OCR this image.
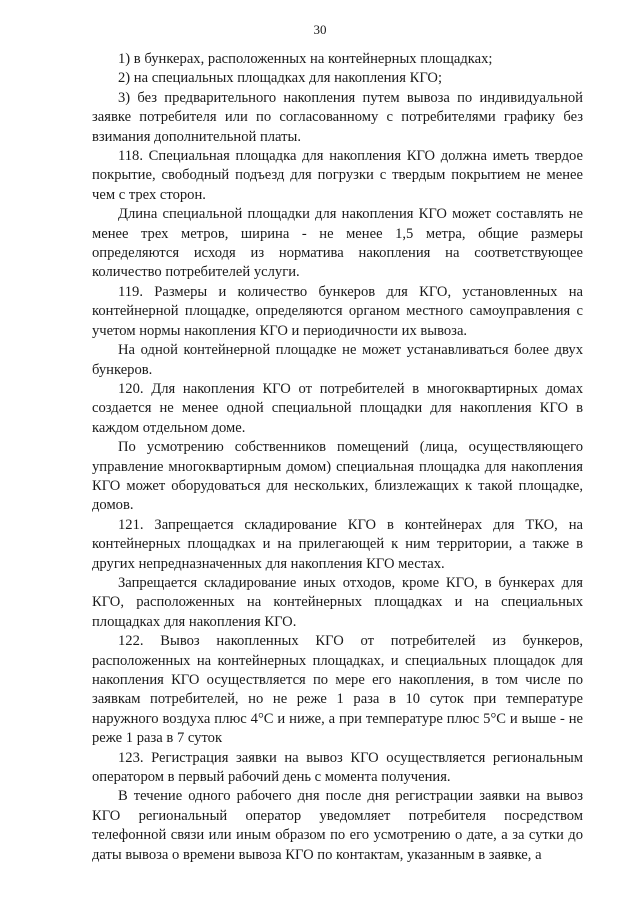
30

1) в бункерах, расположенных на контейнерных площадках;

2) на специальных площадках для накопления КГО;

3) без предварительного накопления путем вывоза по индивидуальной заявке потребителя или по согласованному с потребителями графику без взимания дополнительной платы.

118. Специальная площадка для накопления КГО должна иметь твердое покрытие, свободный подъезд для погрузки с твердым покрытием не менее чем с трех сторон.

Длина специальной площадки для накопления КГО может составлять не менее трех метров, ширина - не менее 1,5 метра, общие размеры определяются исходя из норматива накопления на соответствующее количество потребителей услуги.

119. Размеры и количество бункеров для КГО, установленных на контейнерной площадке, определяются органом местного самоуправления с учетом нормы накопления КГО и периодичности их вывоза.

На одной контейнерной площадке не может устанавливаться более двух бункеров.

120. Для накопления КГО от потребителей в многоквартирных домах создается не менее одной специальной площадки для накопления КГО в каждом отдельном доме.

По усмотрению собственников помещений (лица, осуществляющего управление многоквартирным домом) специальная площадка для накопления КГО может оборудоваться для нескольких, близлежащих к такой площадке, домов.

121. Запрещается складирование КГО в контейнерах для ТКО, на контейнерных площадках и на прилегающей к ним территории, а также в других непредназначенных для накопления КГО местах.

Запрещается складирование иных отходов, кроме КГО, в бункерах для КГО, расположенных на контейнерных площадках и на специальных площадках для накопления КГО.

122. Вывоз накопленных КГО от потребителей из бункеров, расположенных на контейнерных площадках, и специальных площадок для накопления КГО осуществляется по мере его накопления, в том числе по заявкам потребителей, но не реже 1 раза в 10 суток при температуре наружного воздуха плюс 4°С и ниже, а при температуре плюс 5°С и выше - не реже 1 раза в 7 суток

123. Регистрация заявки на вывоз КГО осуществляется региональным оператором в первый рабочий день с момента получения.

В течение одного рабочего дня после дня регистрации заявки на вывоз КГО региональный оператор уведомляет потребителя посредством телефонной связи или иным образом по его усмотрению о дате, а за сутки до даты вывоза о времени вывоза КГО по контактам, указанным в заявке, а
